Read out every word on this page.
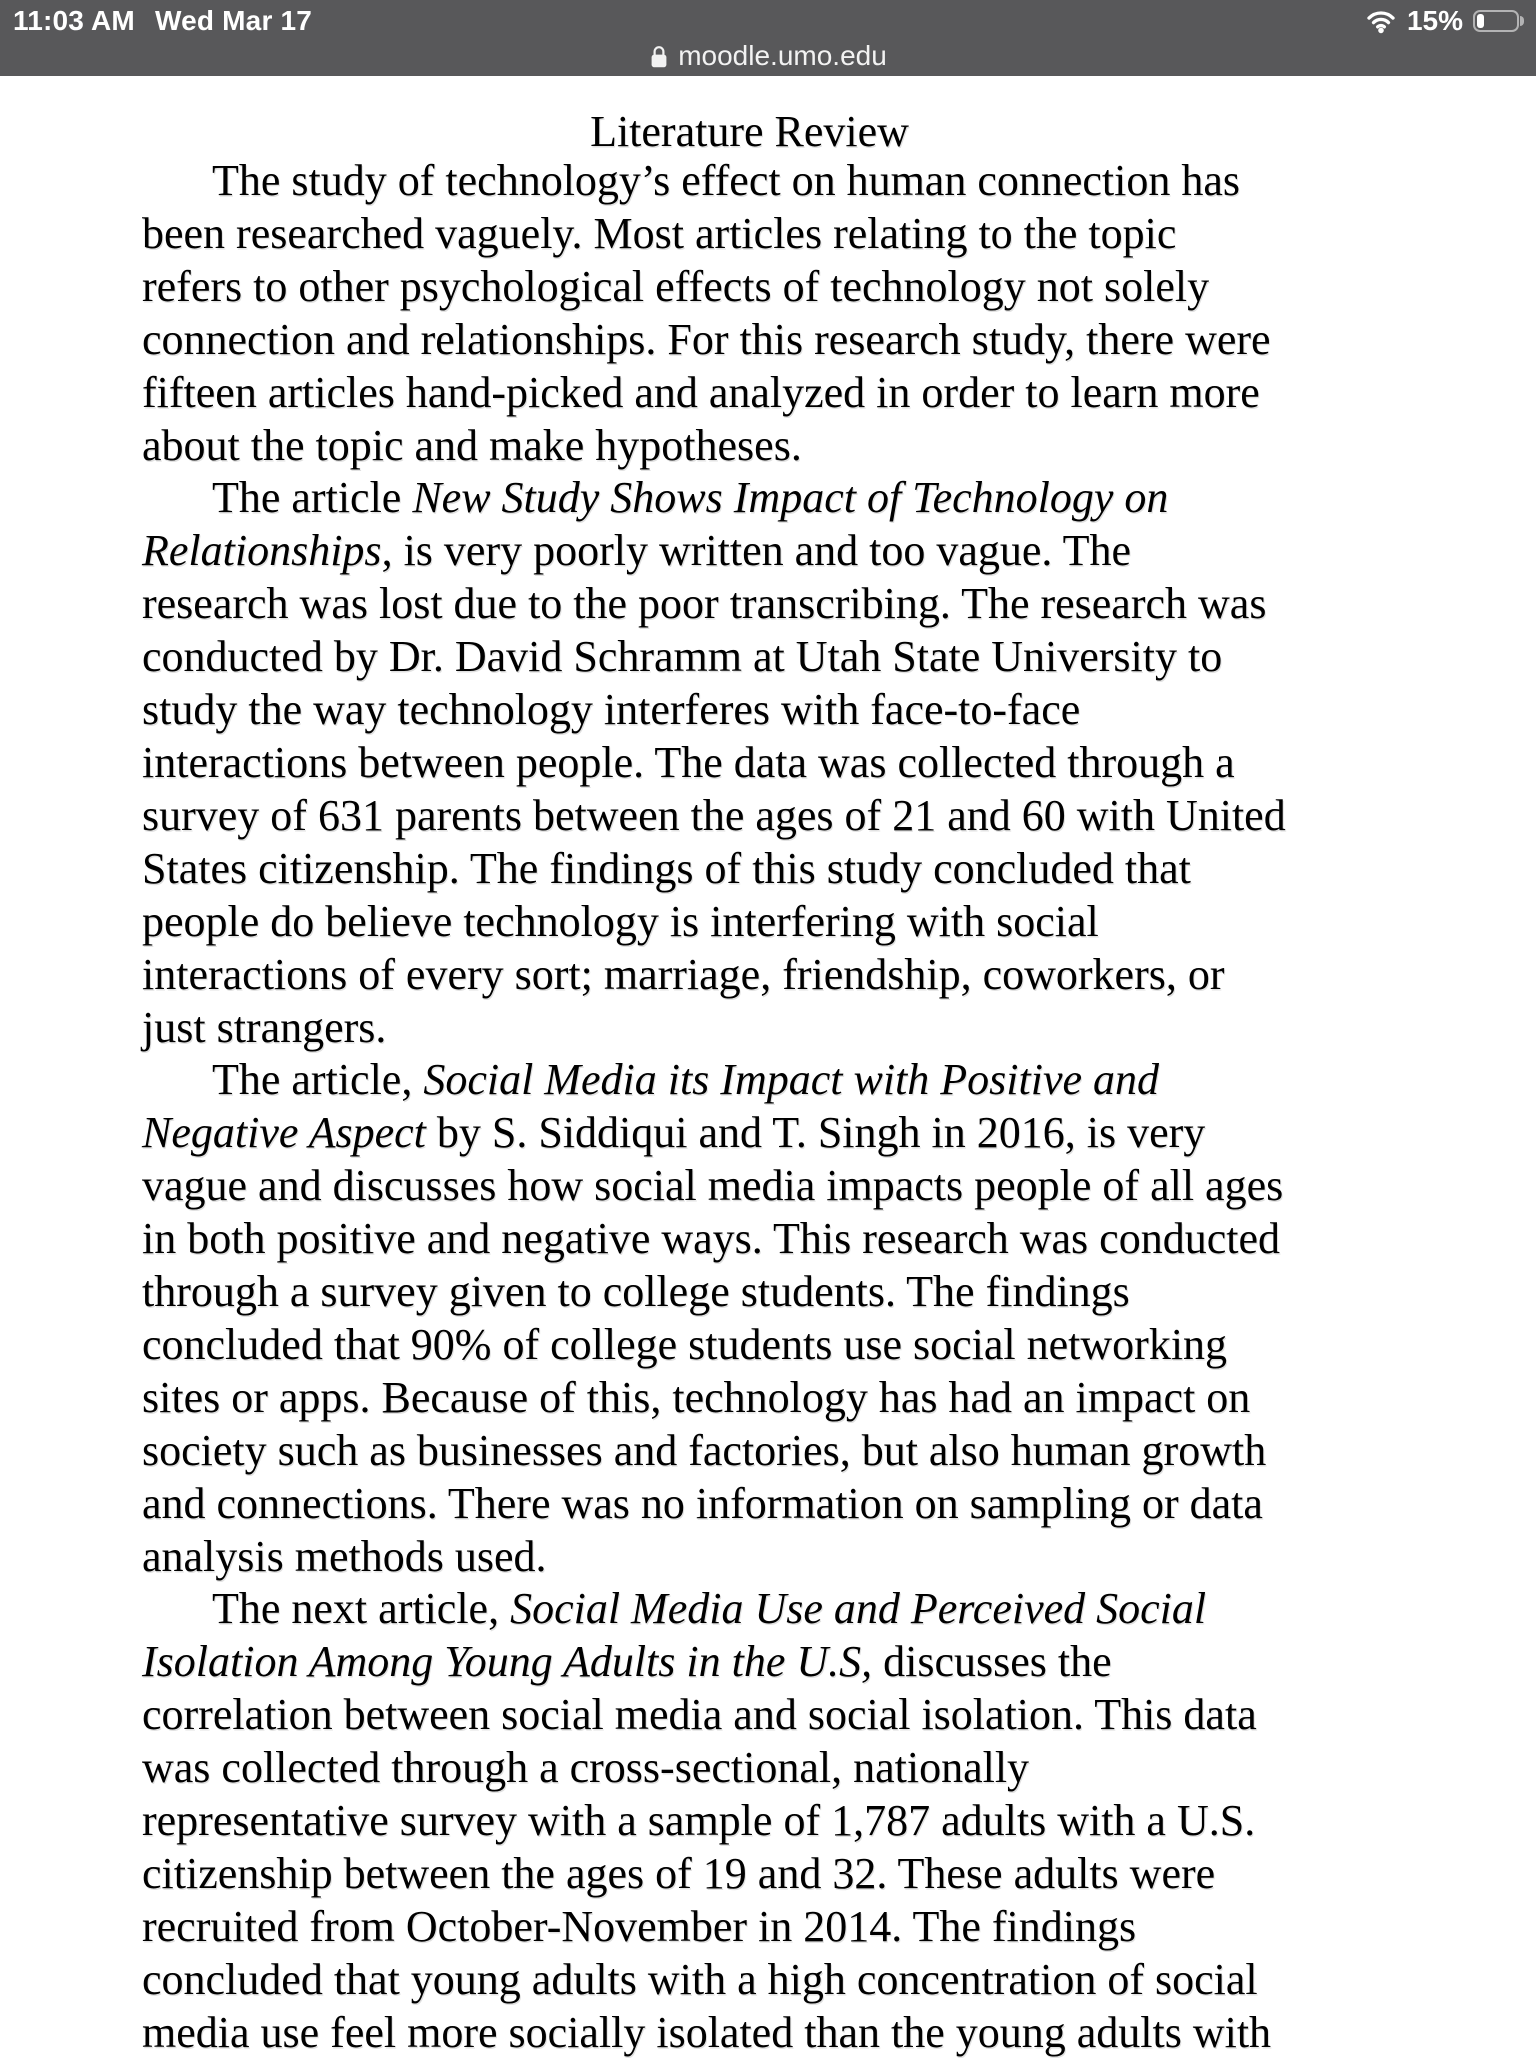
11:03 AM Wed Mar 17	15%
moodle.umo.edu
Literature Review
The study of technology’s effect on human connection has
been researched vaguely. Most articles relating to the topic
refers to other psychological effects of technology not solely
connection and relationships. For this research study, there were
fifteen articles hand-picked and analyzed in order to learn more
about the topic and make hypotheses.
The article New Study Shows Impact of Technology on
Relationships, is very poorly written and too vague. The
research was lost due to the poor transcribing. The research was
conducted by Dr. David Schramm at Utah State University to
study the way technology interferes with face-to-face
interactions between people. The data was collected through a
survey of 631 parents between the ages of 21 and 60 with United
States citizenship. The findings of this study concluded that
people do believe technology is interfering with social
interactions of every sort; marriage, friendship, coworkers, or
just strangers.
The article, Social Media its Impact with Positive and
Negative Aspect by S. Siddiqui and T. Singh in 2016, is very
vague and discusses how social media impacts people of all ages
in both positive and negative ways. This research was conducted
through a survey given to college students. The findings
concluded that 90% of college students use social networking
sites or apps. Because of this, technology has had an impact on
society such as businesses and factories, but also human growth
and connections. There was no information on sampling or data
analysis methods used.
The next article, Social Media Use and Perceived Social
Isolation Among Young Adults in the U.S, discusses the
correlation between social media and social isolation. This data
was collected through a cross-sectional, nationally
representative survey with a sample of 1,787 adults with a U.S.
citizenship between the ages of 19 and 32. These adults were
recruited from October-November in 2014. The findings
concluded that young adults with a high concentration of social
media use feel more socially isolated than the young adults with
